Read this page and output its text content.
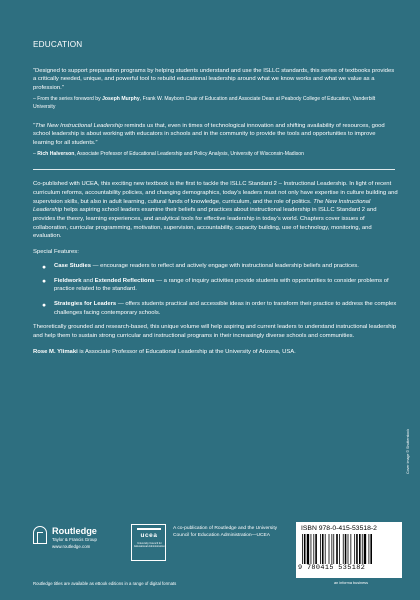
EDUCATION

“Designed to support preparation programs by helping students understand and use the ISLLC standards, this series of textbooks provides a critically needed, unique, and powerful tool to rebuild educational leadership around what we know works and what we value as a profession.”

– From the series foreword by Joseph Murphy, Frank W. Mayborn Chair of Education and Associate Dean at Peabody College of Education, Vanderbilt University

“The New Instructional Leadership reminds us that, even in times of technological innovation and shifting availability of resources, good school leadership is about working with educators in schools and in the community to provide the tools and opportunities to improve learning for all students.”

– Rich Halverson, Associate Professor of Educational Leadership and Policy Analysis, University of Wisconsin-Madison

Co-published with UCEA, this exciting new textbook is the first to tackle the ISLLC Standard 2 – Instructional Leadership. In light of recent curriculum reforms, accountability policies, and changing demographics, today’s leaders must not only have expertise in culture building and supervision skills, but also in adult learning, cultural funds of knowledge, curriculum, and the role of politics. The New Instructional Leadership helps aspiring school leaders examine their beliefs and practices about instructional leadership in ISLLC Standard 2 and provides the theory, learning experiences, and analytical tools for effective leadership in today’s world. Chapters cover issues of collaboration, curricular programming, motivation, supervision, accountability, capacity building, use of technology, monitoring, and evaluation.

Special Features:

● Case Studies — encourage readers to reflect and actively engage with instructional leadership beliefs and practices.
● Fieldwork and Extended Reflections — a range of inquiry activities provide students with opportunities to consider problems of practice related to the standard.
● Strategies for Leaders — offers students practical and accessible ideas in order to transform their practice to address the complex challenges facing contemporary schools.

Theoretically grounded and research-based, this unique volume will help aspiring and current leaders to understand instructional leadership and help them to sustain strong curricular and instructional programs in their increasingly diverse schools and communities.

Rose M. Ylimaki is Associate Professor of Educational Leadership at the University of Arizona, USA.

Routledge
Taylor & Francis Group
www.routledge.com
ucea
University Council for Educational Administration
A co-publication of Routledge and the University Council for Education Administration—UCEA
ISBN 978-0-415-53518-2
9 780415 535182
an informa business
Routledge titles are available as eBook editions in a range of digital formats
Cover image © Shutterstock
